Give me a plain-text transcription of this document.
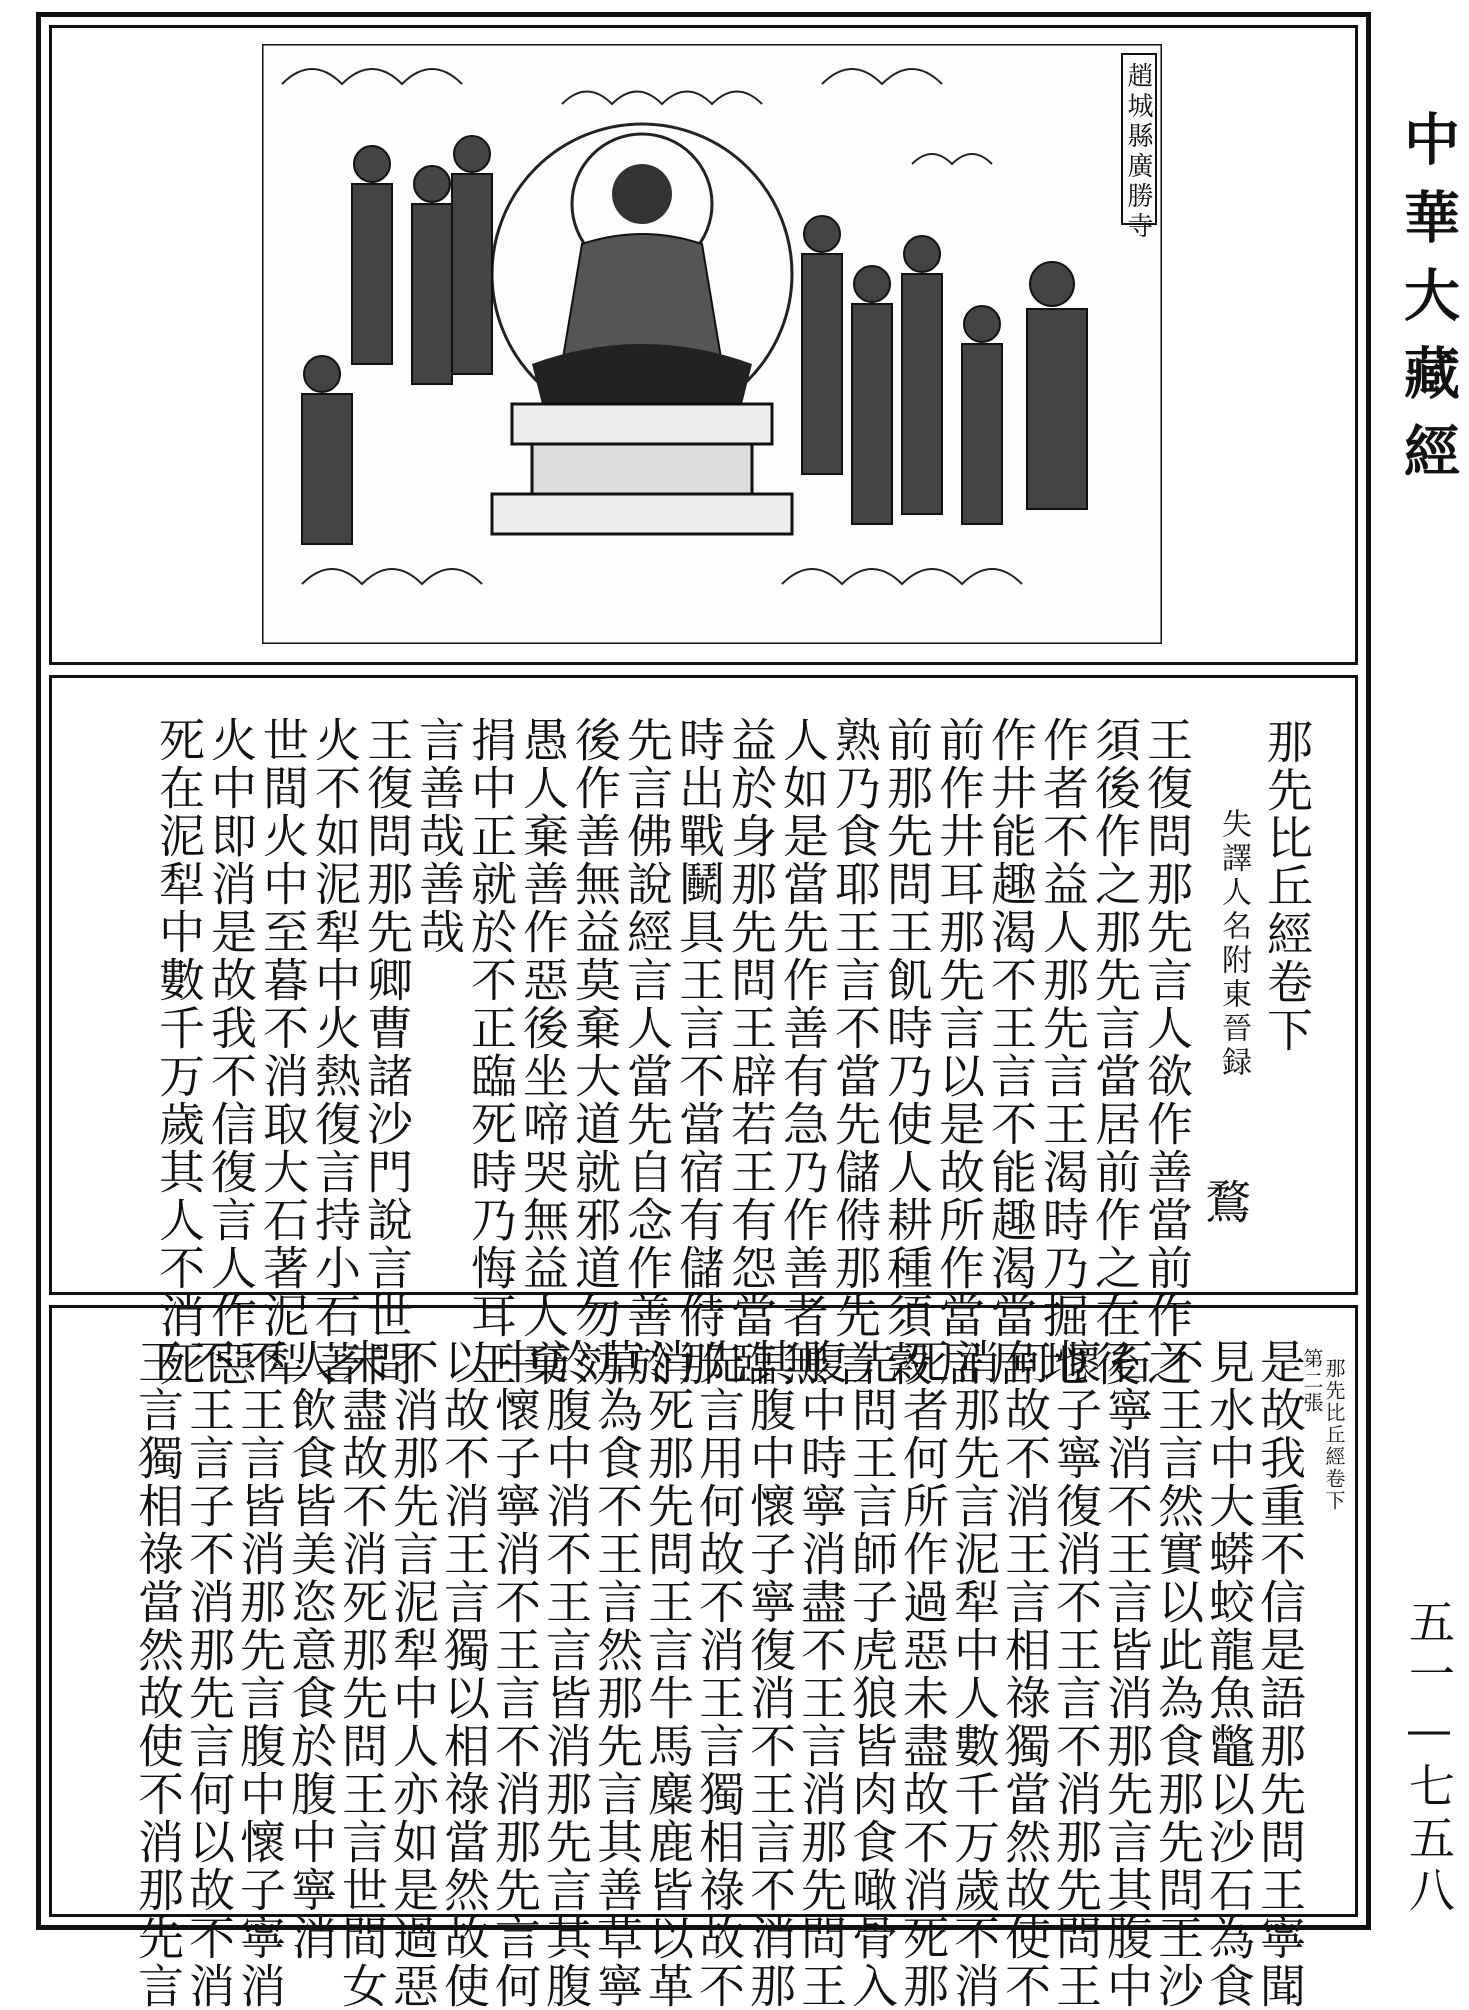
趙城縣廣勝寺
那先比丘經卷下
失譯人名附東晉録
鶩
王復問那先言人欲作善當前作之
須後作之那先言當居前作之在後
作者不益人那先言王渴時乃掘地
作井能趣渴不王言不能趣渴當居
前作井耳那先言以是故所作當居
前那先問王飢時乃使人耕種須穀
熟乃食耶王言不當先儲偫那先言
人如是當先作善有急乃作善者無
益於身那先問王辟若王有怨當臨
時出戰鬭具王言不當宿有儲偫那
先言佛說經言人當先自念作善於
後作善無益莫棄大道就邪道勿効
愚人棄善作惡後坐啼哭無益人棄
捐中正就於不正臨死時乃悔耳王
言善哉善哉
王復問那先卿曹諸沙門說言世間
火不如泥犁中火熱復言持小石著
世間火中至暮不消取大石著泥犁
火中即消是故我不信復言人作惡
死在泥犁中數千万歲其人不消死
那先比丘經卷下
第二張
是故我重不信是語那先問王寧聞
見水中大蟒蛟龍魚鼈以沙石為食
不王言然實以此為食那先問王沙
石寧消不王言皆消那先言其腹中
懷子寧復消不王言不消那先問王
何故不消王言相祿獨當然故使不
消那先言泥犁中人數千万歲不消
死者何所作過惡未盡故不消死那
先問王言師子虎狼皆肉食噉骨入
腹中時寧消盡不王言消那先問王
其腹中懷子寧復消不王言不消那
先言用何故不消王言獨相祿故不
消死那先問王言牛馬麋鹿皆以革
草為食不王言然那先言其善草寧
於腹中消不王言皆消那先言其腹
中懷子寧消不王言不消那先言何
以故不消王言獨以相祿當然故使
不消那先言泥犁中人亦如是過惡
未盡故不消死那先問王言世間女
人飲食皆美恣意食於腹中寧消
不王言皆消那先言腹中懷子寧消
不王言子不消那先言何以故不消
王言獨相祿當然故使不消那先言
中華大藏經
五一—七五八
